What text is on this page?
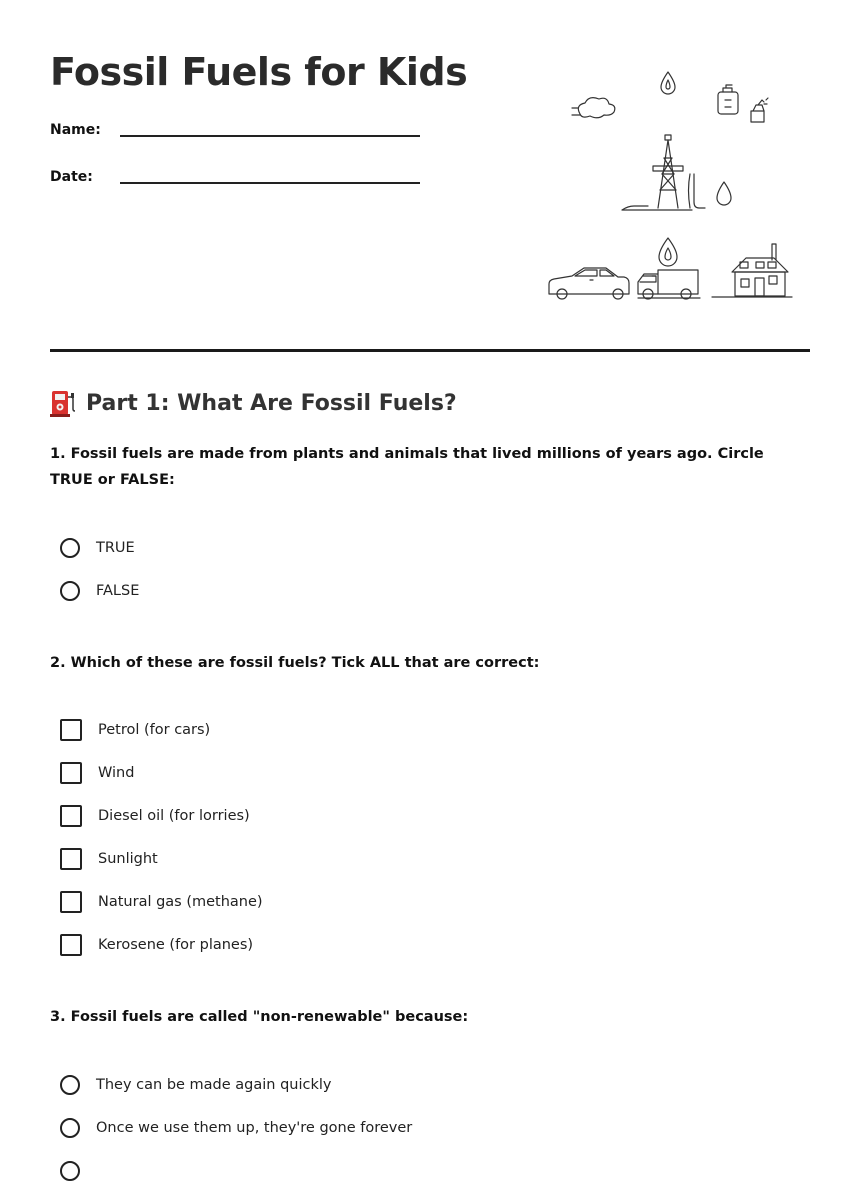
Fossil Fuels for Kids
Name:
Date:
Part 1: What Are Fossil Fuels?

1. Fossil fuels are made from plants and animals that lived millions of years ago. Circle TRUE or FALSE:

TRUE
FALSE

2. Which of these are fossil fuels? Tick ALL that are correct:

Petrol (for cars)
Wind
Diesel oil (for lorries)
Sunlight
Natural gas (methane)
Kerosene (for planes)

3. Fossil fuels are called "non-renewable" because:

They can be made again quickly
Once we use them up, they're gone forever
